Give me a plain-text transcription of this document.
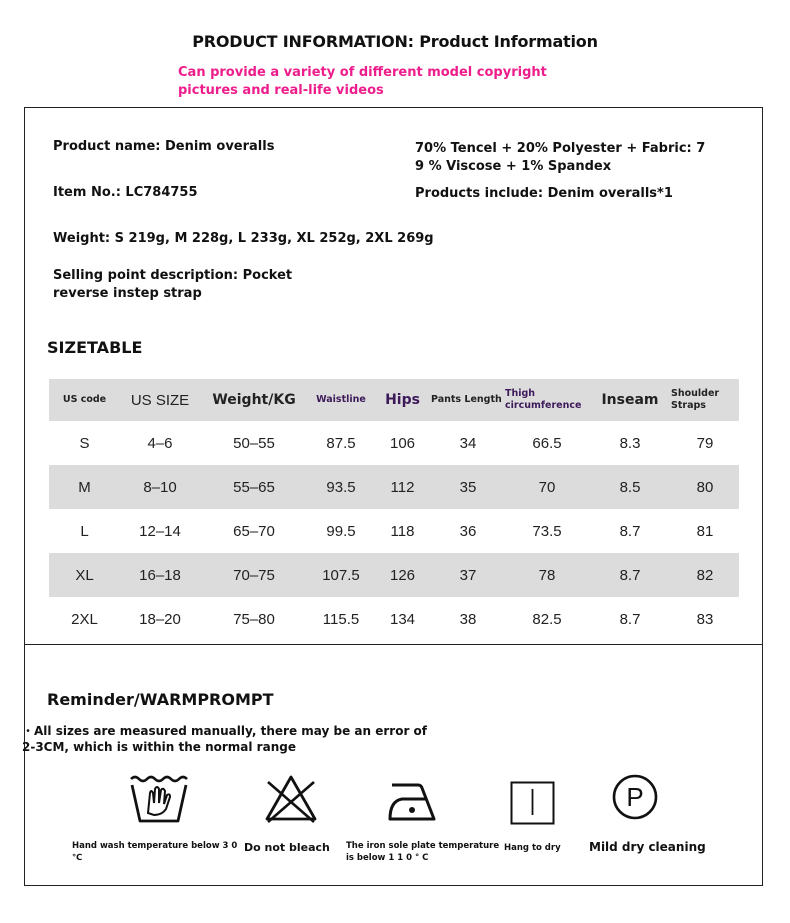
PRODUCT INFORMATION: Product Information
Can provide a variety of different model copyright pictures and real-life videos
Product name: Denim overalls	70% Tencel + 20% Polyester + Fabric: 7 9 % Viscose + 1% Spandex
Item No.: LC784755	Products include: Denim overalls*1
Weight: S 219g, M 228g, L 233g, XL 252g, 2XL 269g
Selling point description: Pocket reverse instep strap
SIZETABLE
US code	US SIZE	Weight/KG	Waistline	Hips	Pants Length	Thigh circumference	Inseam	Shoulder Straps
S	4–6	50–55	87.5	106	34	66.5	8.3	79
M	8–10	55–65	93.5	112	35	70	8.5	80
L	12–14	65–70	99.5	118	36	73.5	8.7	81
XL	16–18	70–75	107.5	126	37	78	8.7	82
2XL	18–20	75–80	115.5	134	38	82.5	8.7	83
Reminder/WARMPROMPT
・All sizes are measured manually, there may be an error of 2-3CM, which is within the normal range
Hand wash temperature below 3 0 ℃
Do not bleach	The iron sole plate temperature is below 1 1 0 ° C
Hang to dry
P
Mild dry cleaning
